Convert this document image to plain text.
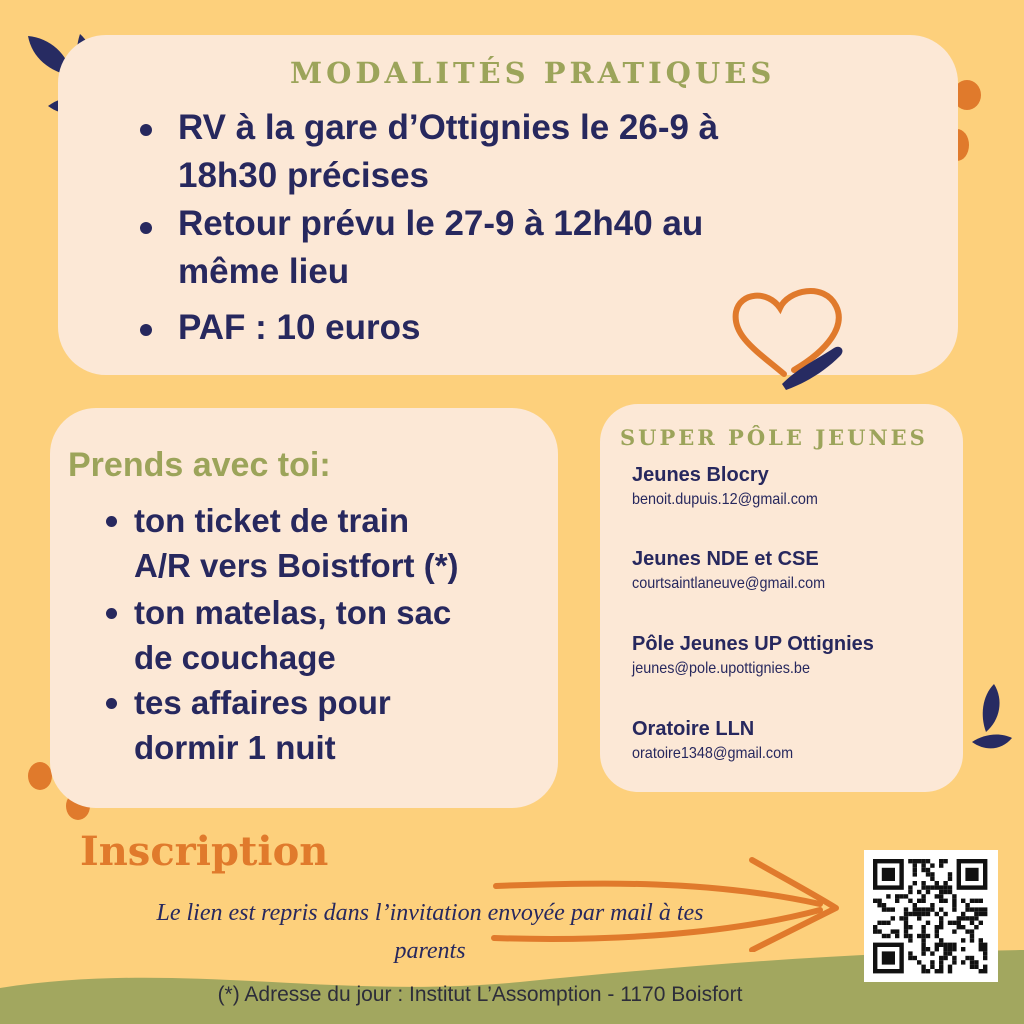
MODALITÉS PRATIQUES
RV à la gare d’Ottignies le 26-9 à
18h30 précises
Retour prévu le 27-9 à 12h40 au
même lieu
PAF : 10 euros
Prends avec toi:
ton ticket de train
A/R vers Boistfort (*)
ton matelas, ton sac
de couchage
tes affaires pour
dormir 1 nuit
SUPER PÔLE JEUNES
Jeunes Blocry
benoit.dupuis.12@gmail.com
Jeunes NDE et CSE
courtsaintlaneuve@gmail.com
Pôle Jeunes UP Ottignies
jeunes@pole.upottignies.be
Oratoire LLN
oratoire1348@gmail.com
Inscription
Le lien est repris dans l’invitation envoyée par mail à tes
parents
(*) Adresse du jour : Institut L’Assomption - 1170 Boisfort
